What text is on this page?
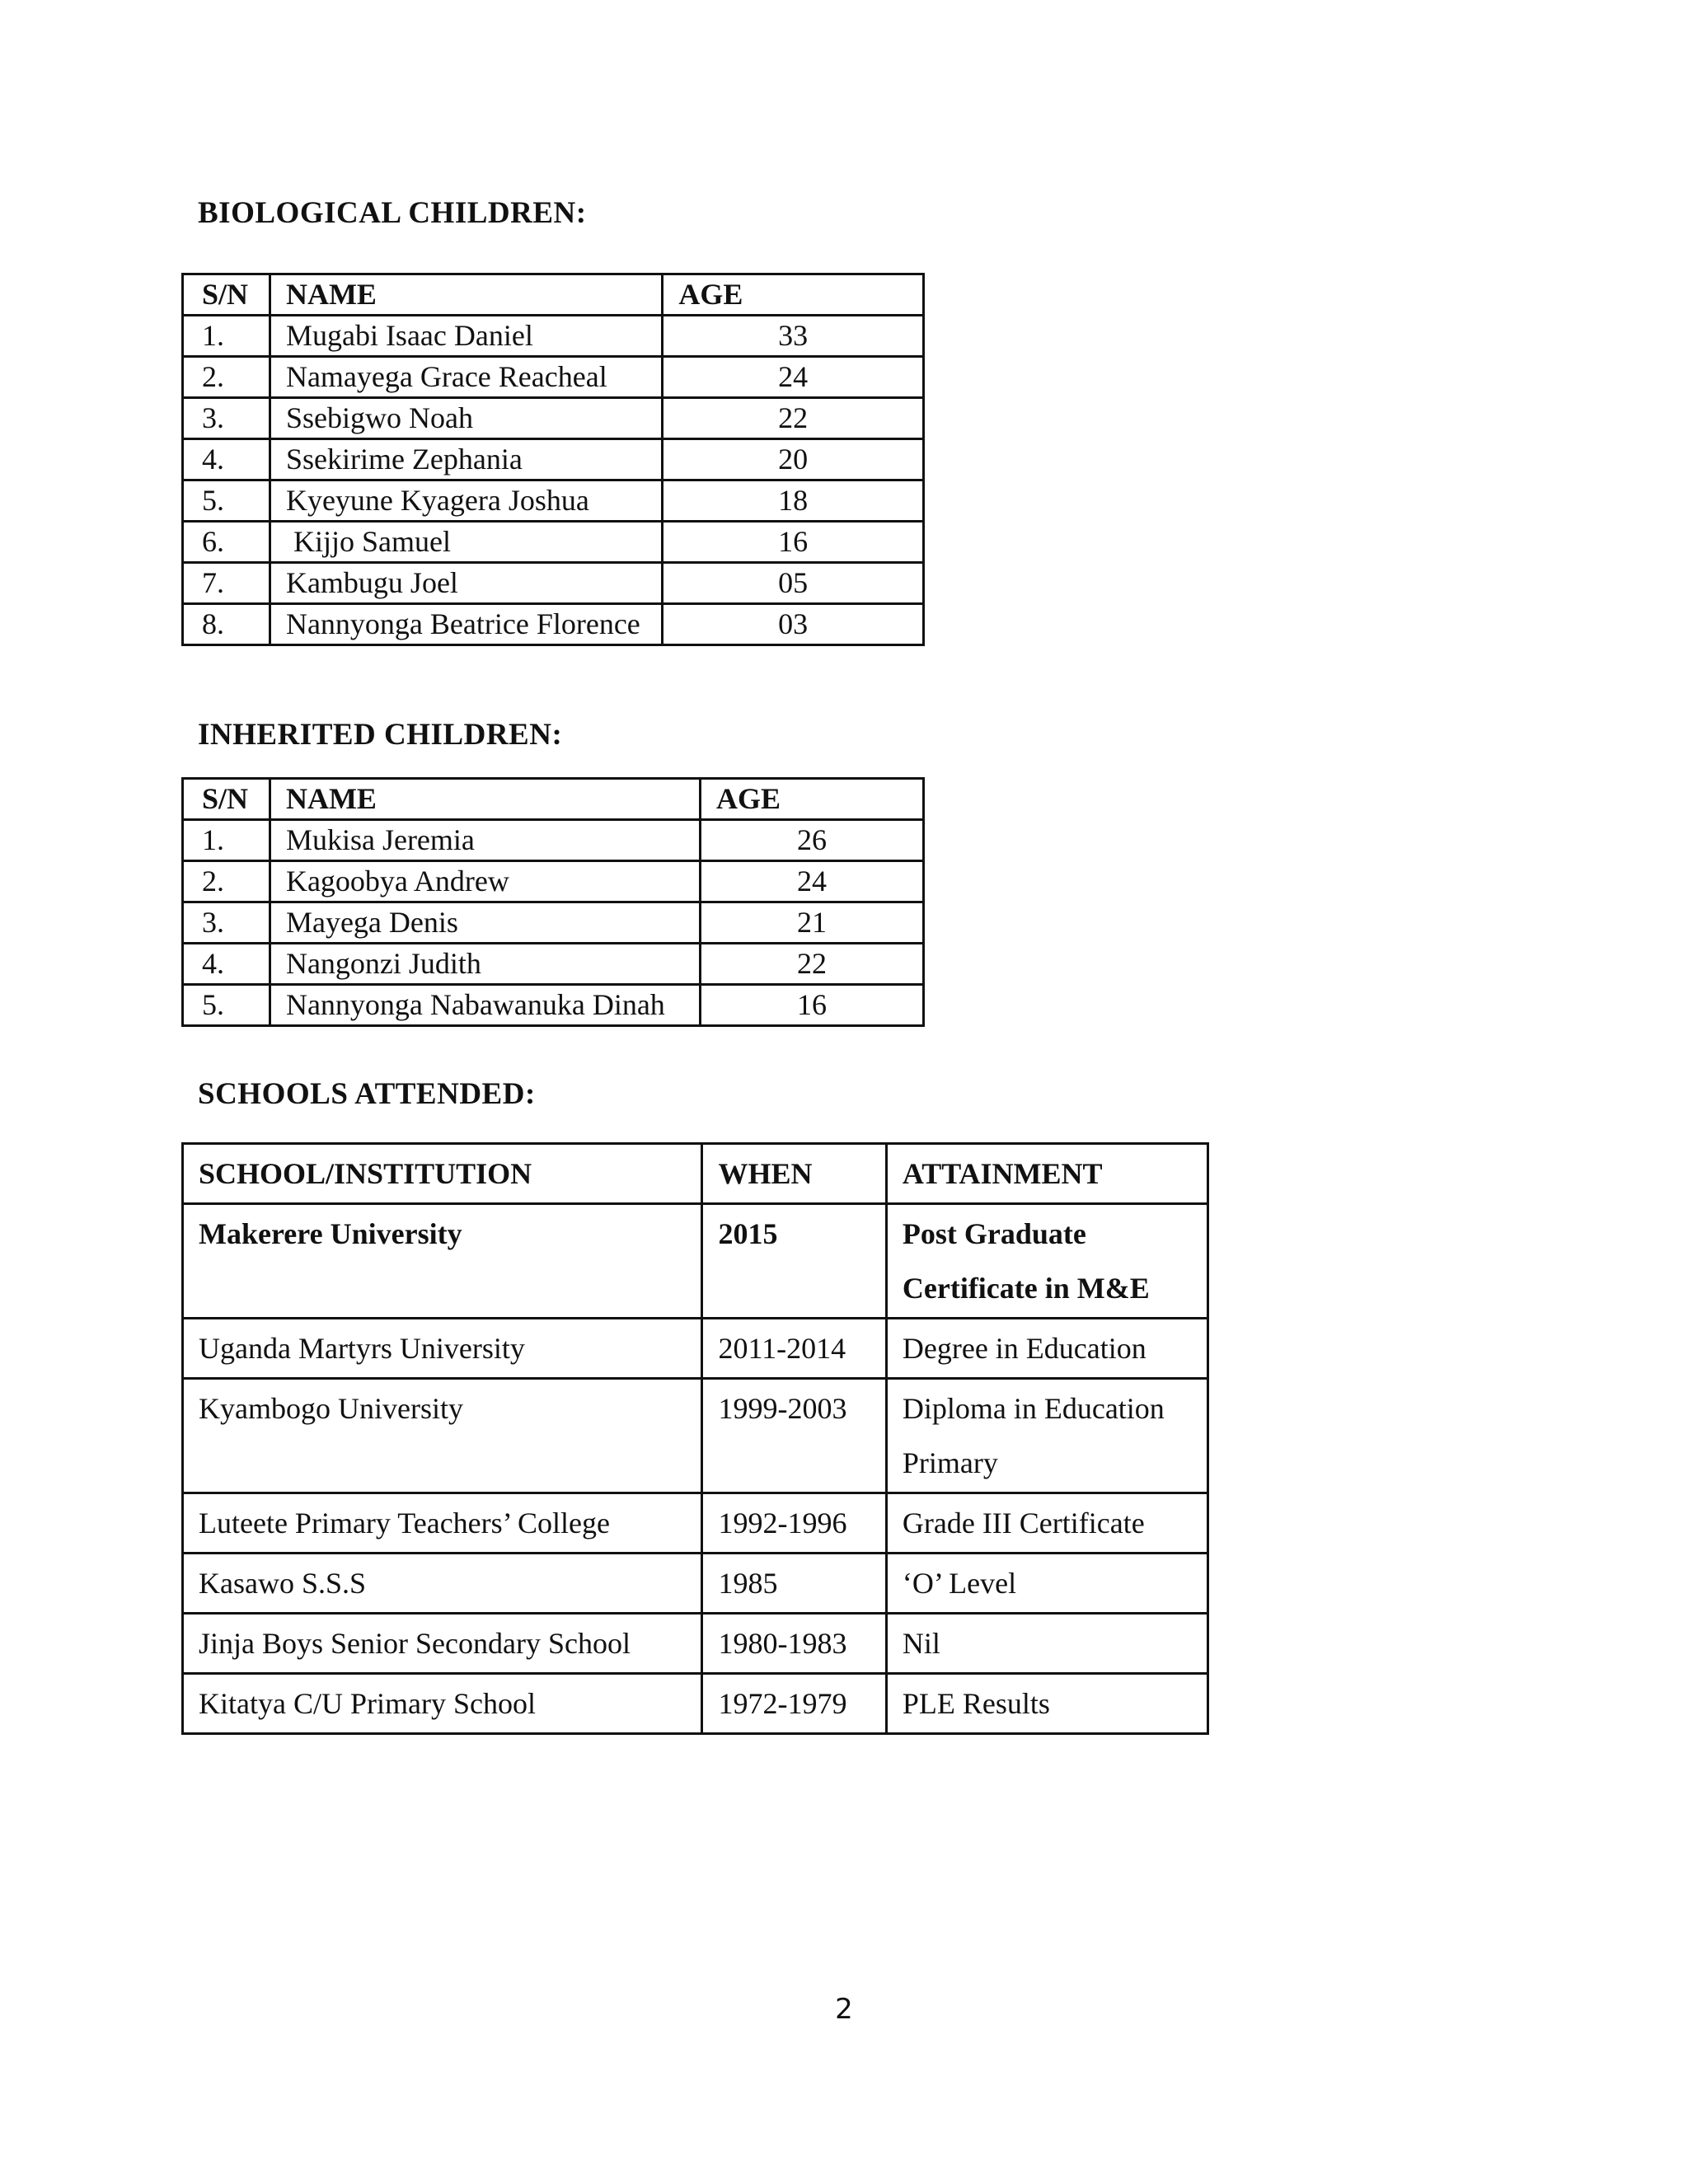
BIOLOGICAL CHILDREN:
S/N	NAME	AGE
1.	Mugabi Isaac Daniel	33
2.	Namayega Grace Reacheal	24
3.	Ssebigwo Noah	22
4.	Ssekirime Zephania	20
5.	Kyeyune Kyagera Joshua	18
6.	Kijjo Samuel	16
7.	Kambugu Joel	05
8.	Nannyonga Beatrice Florence	03
INHERITED CHILDREN:
S/N	NAME	AGE
1.	Mukisa Jeremia	26
2.	Kagoobya Andrew	24
3.	Mayega Denis	21
4.	Nangonzi Judith	22
5.	Nannyonga Nabawanuka Dinah	16
SCHOOLS ATTENDED:
SCHOOL/INSTITUTION	WHEN	ATTAINMENT
Makerere University	2015	Post Graduate Certificate in M&E
Uganda Martyrs University	2011-2014	Degree in Education
Kyambogo University	1999-2003	Diploma in Education Primary
Luteete Primary Teachers’ College	1992-1996	Grade III Certificate
Kasawo S.S.S	1985	‘O’ Level
Jinja Boys Senior Secondary School	1980-1983	Nil
Kitatya C/U Primary School	1972-1979	PLE Results

2
